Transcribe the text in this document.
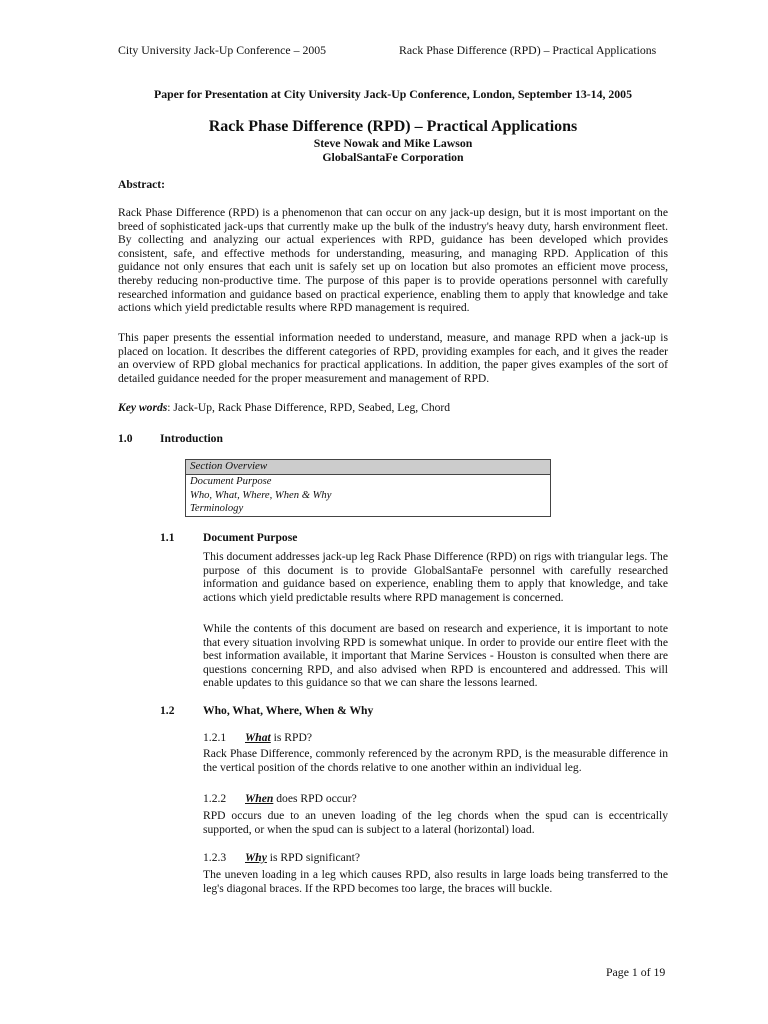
City University Jack-Up Conference – 2005	Rack Phase Difference (RPD) – Practical Applications
Paper for Presentation at City University Jack-Up Conference, London, September 13-14, 2005
Rack Phase Difference (RPD) – Practical Applications
Steve Nowak and Mike Lawson
GlobalSantaFe Corporation
Abstract:

Rack Phase Difference (RPD) is a phenomenon that can occur on any jack-up design, but it is most important on the breed of sophisticated jack-ups that currently make up the bulk of the industry's heavy duty, harsh environment fleet. By collecting and analyzing our actual experiences with RPD, guidance has been developed which provides consistent, safe, and effective methods for understanding, measuring, and managing RPD. Application of this guidance not only ensures that each unit is safely set up on location but also promotes an efficient move process, thereby reducing non-productive time. The purpose of this paper is to provide operations personnel with carefully researched information and guidance based on practical experience, enabling them to apply that knowledge and take actions which yield predictable results where RPD management is required.

This paper presents the essential information needed to understand, measure, and manage RPD when a jack-up is placed on location. It describes the different categories of RPD, providing examples for each, and it gives the reader an overview of RPD global mechanics for practical applications. In addition, the paper gives examples of the sort of detailed guidance needed for the proper measurement and management of RPD.

Key words: Jack-Up, Rack Phase Difference, RPD, Seabed, Leg, Chord
1.0 Introduction
Section Overview
Document Purpose
Who, What, Where, When & Why
Terminology
1.1 Document Purpose

This document addresses jack-up leg Rack Phase Difference (RPD) on rigs with triangular legs. The purpose of this document is to provide GlobalSantaFe personnel with carefully researched information and guidance based on experience, enabling them to apply that knowledge, and take actions which yield predictable results where RPD management is concerned.

While the contents of this document are based on research and experience, it is important to note that every situation involving RPD is somewhat unique. In order to provide our entire fleet with the best information available, it important that Marine Services - Houston is consulted when there are questions concerning RPD, and also advised when RPD is encountered and addressed. This will enable updates to this guidance so that we can share the lessons learned.

1.2 Who, What, Where, When & Why
1.2.1 What is RPD?

Rack Phase Difference, commonly referenced by the acronym RPD, is the measurable difference in the vertical position of the chords relative to one another within an individual leg.

1.2.2 When does RPD occur?

RPD occurs due to an uneven loading of the leg chords when the spud can is eccentrically supported, or when the spud can is subject to a lateral (horizontal) load.

1.2.3 Why is RPD significant?

The uneven loading in a leg which causes RPD, also results in large loads being transferred to the leg's diagonal braces. If the RPD becomes too large, the braces will buckle.

Page 1 of 19
